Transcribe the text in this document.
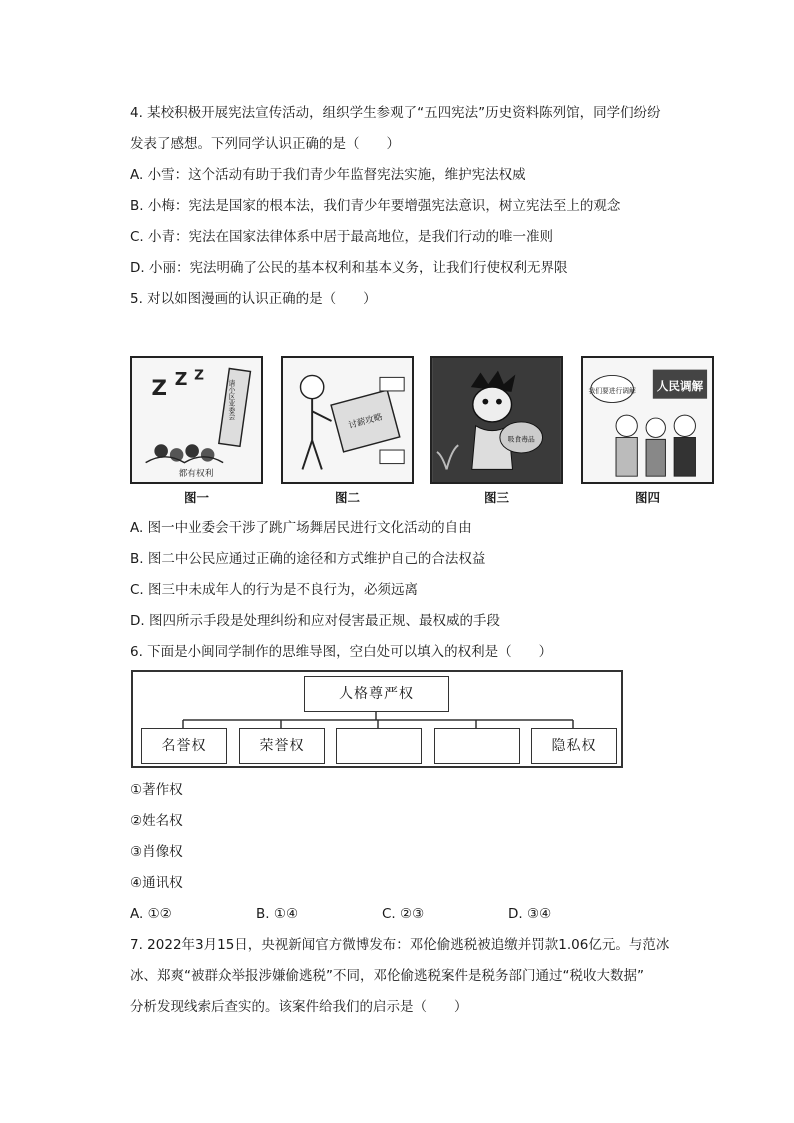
4. 某校积极开展宪法宣传活动，组织学生参观了“五四宪法”历史资料陈列馆，同学们纷纷
发表了感想。下列同学认识正确的是（　　）
A. 小雪：这个活动有助于我们青少年监督宪法实施，维护宪法权威
B. 小梅：宪法是国家的根本法，我们青少年要增强宪法意识，树立宪法至上的观念
C. 小青：宪法在国家法律体系中居于最高地位，是我们行动的唯一准则
D. 小丽：宪法明确了公民的基本权利和基本义务，让我们行使权利无界限
5. 对以如图漫画的认识正确的是（　　）
Z Z Z
请小区业委会
都有权利
图一
讨薪攻略
图二
吸食毒品
图三
人民调解
我们要进行调解
图四
A. 图一中业委会干涉了跳广场舞居民进行文化活动的自由
B. 图二中公民应通过正确的途径和方式维护自己的合法权益
C. 图三中未成年人的行为是不良行为，必须远离
D. 图四所示手段是处理纠纷和应对侵害最正规、最权威的手段
6. 下面是小闽同学制作的思维导图，空白处可以填入的权利是（　　）
人格尊严权
名誉权	荣誉权	隐私权
①著作权
②姓名权
③肖像权
④通讯权
A. ①②	B. ①④	C. ②③	D. ③④
7. 2022年3月15日，央视新闻官方微博发布：邓伦偷逃税被追缴并罚款1.06亿元。与范冰
冰、郑爽“被群众举报涉嫌偷逃税”不同，邓伦偷逃税案件是税务部门通过“税收大数据”
分析发现线索后查实的。该案件给我们的启示是（　　）
